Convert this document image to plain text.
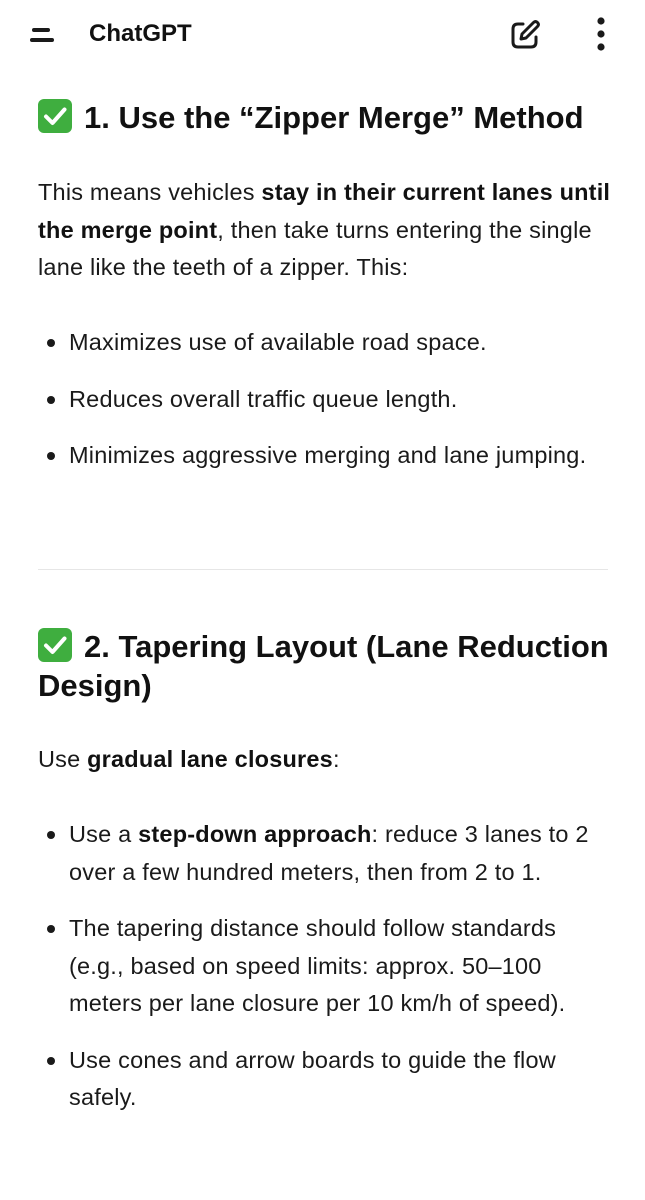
ChatGPT
1. Use the “Zipper Merge” Method

This means vehicles stay in their current lanes until the merge point, then take turns entering the single lane like the teeth of a zipper. This:

Maximizes use of available road space.
Reduces overall traffic queue length.
Minimizes aggressive merging and lane jumping.
2. Tapering Layout (Lane Reduction Design)

Use gradual lane closures:

Use a step-down approach: reduce 3 lanes to 2 over a few hundred meters, then from 2 to 1.
The tapering distance should follow standards (e.g., based on speed limits: approx. 50–100 meters per lane closure per 10 km/h of speed).
Use cones and arrow boards to guide the flow safely.
